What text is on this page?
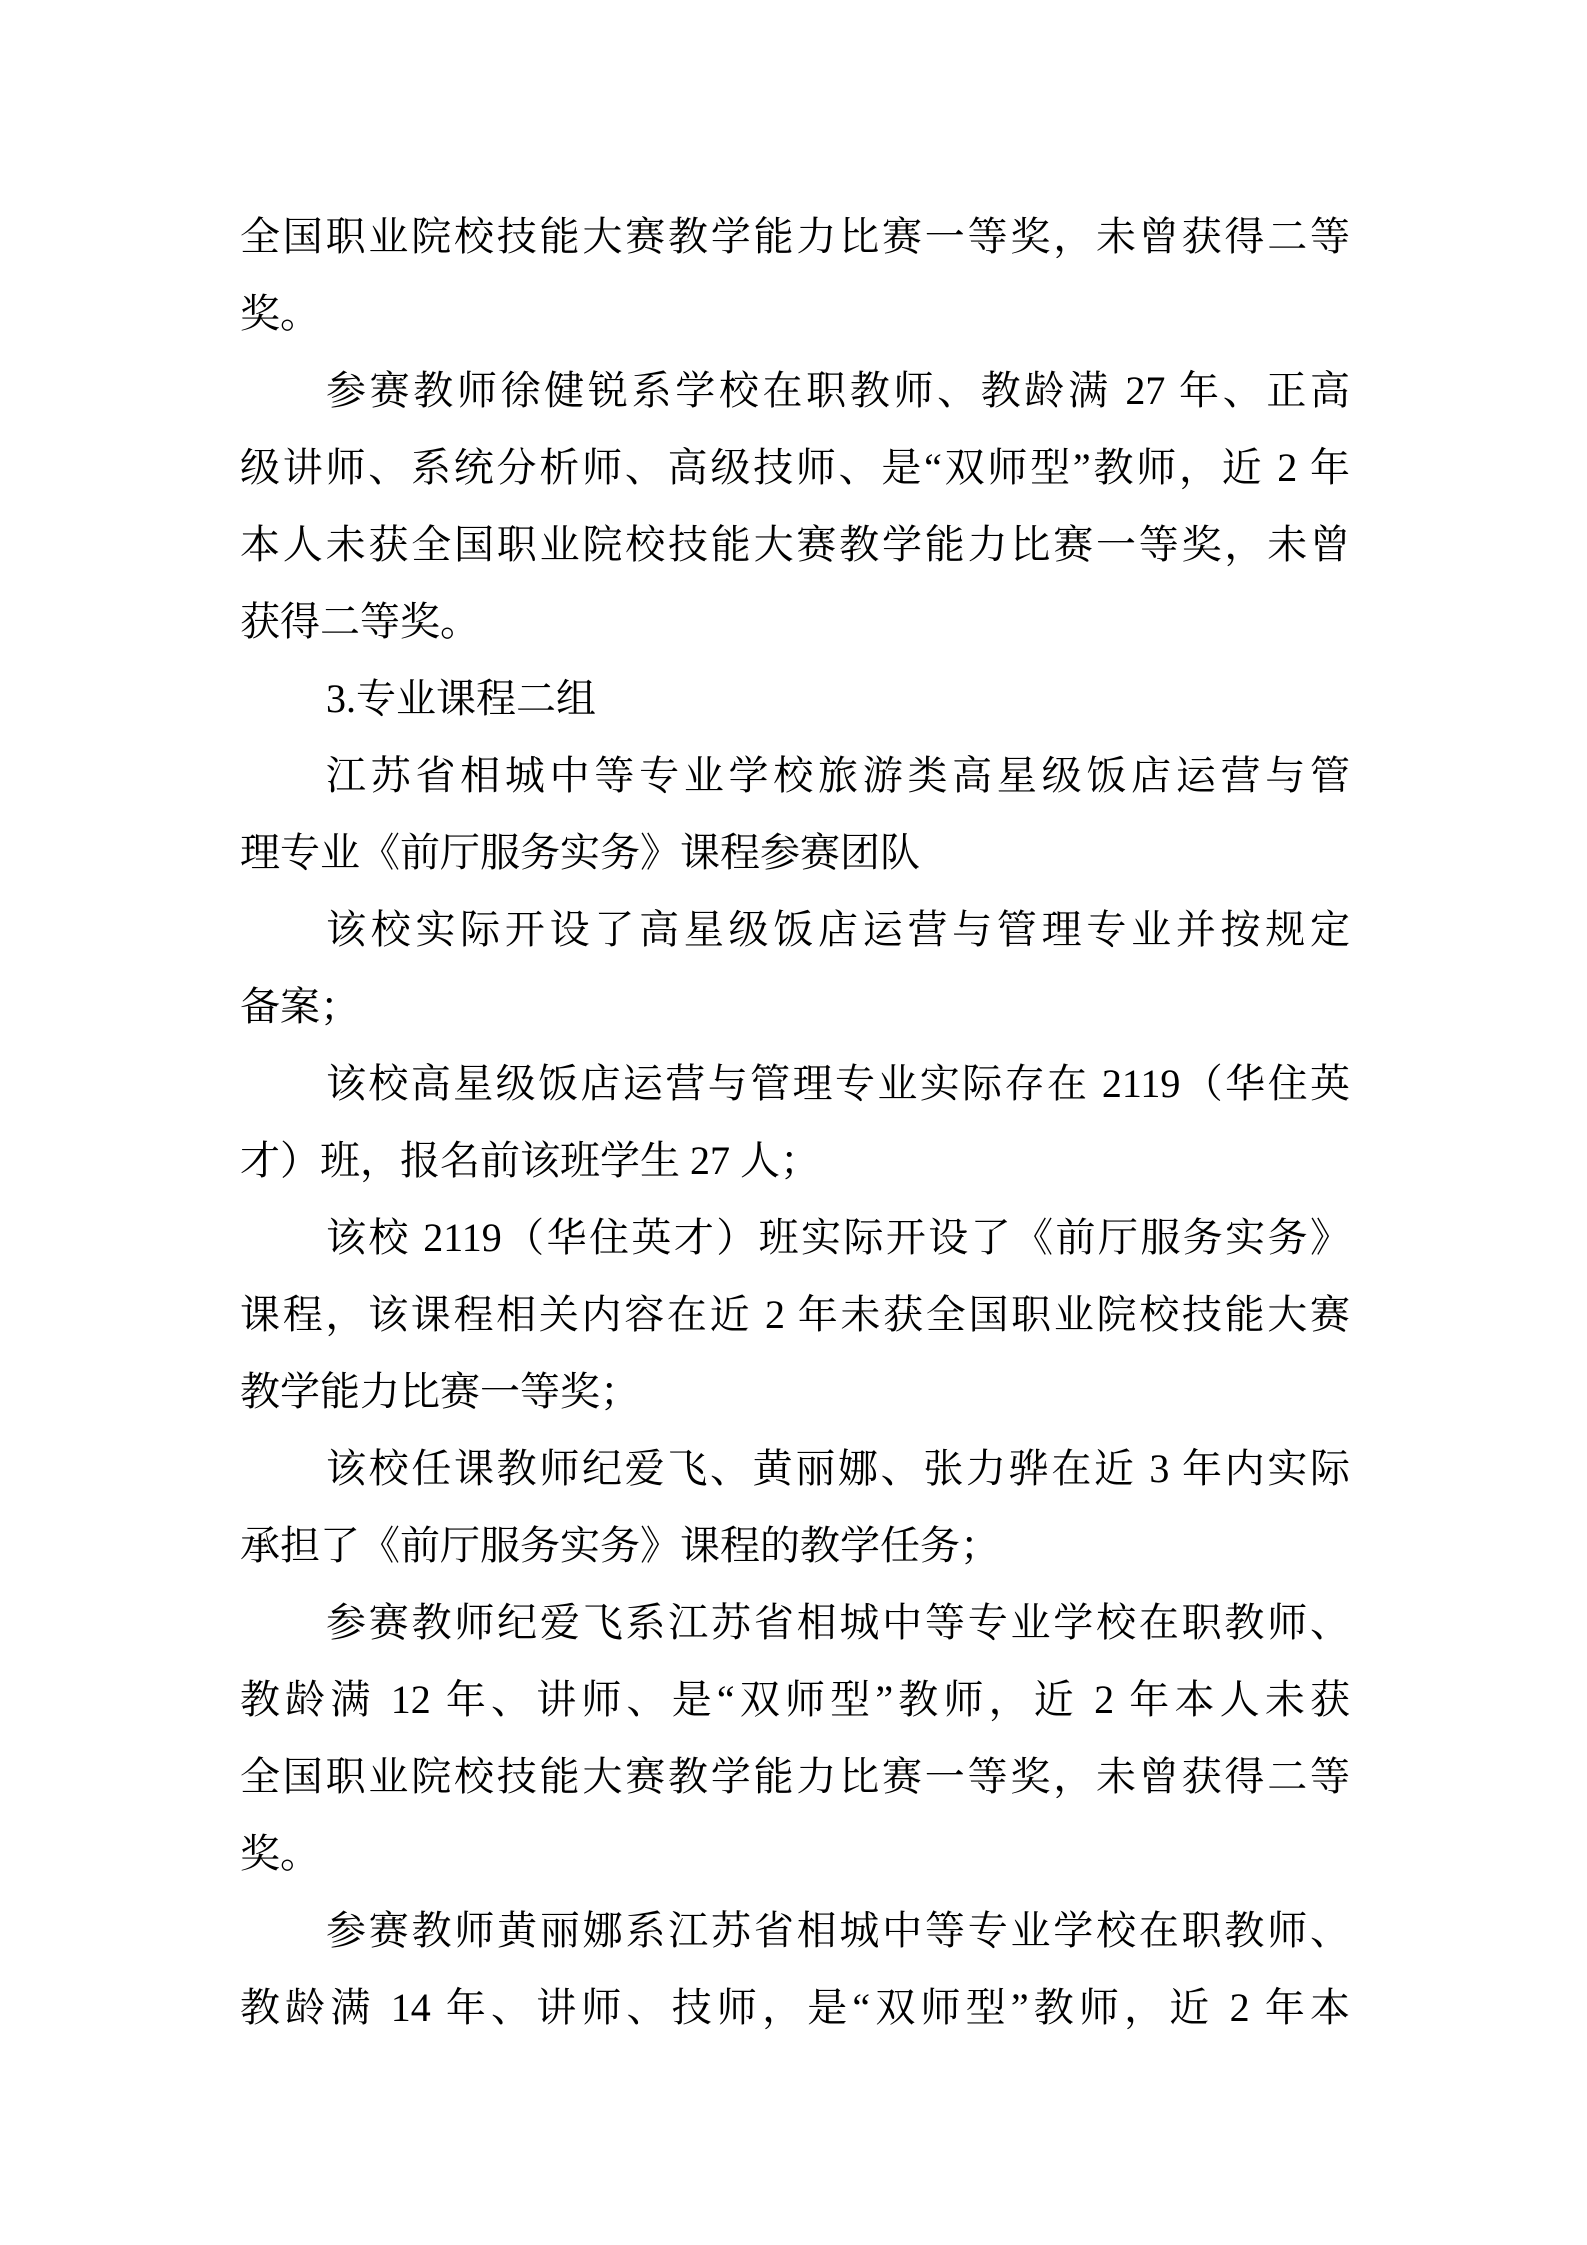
全国职业院校技能大赛教学能力比赛一等奖，未曾获得二等
奖。
参赛教师徐健锐系学校在职教师、教龄满 27 年、正高
级讲师、系统分析师、高级技师、是“双师型”教师，近 2 年
本人未获全国职业院校技能大赛教学能力比赛一等奖，未曾
获得二等奖。
3.专业课程二组
江苏省相城中等专业学校旅游类高星级饭店运营与管
理专业《前厅服务实务》课程参赛团队
该校实际开设了高星级饭店运营与管理专业并按规定
备案；
该校高星级饭店运营与管理专业实际存在 2119（华住英
才）班，报名前该班学生 27 人；
该校 2119（华住英才）班实际开设了《前厅服务实务》
课程，该课程相关内容在近 2 年未获全国职业院校技能大赛
教学能力比赛一等奖；
该校任课教师纪爱飞、黄丽娜、张力骅在近 3 年内实际
承担了《前厅服务实务》课程的教学任务；
参赛教师纪爱飞系江苏省相城中等专业学校在职教师、
教龄满 12 年、讲师、是“双师型”教师，近 2 年本人未获
全国职业院校技能大赛教学能力比赛一等奖，未曾获得二等
奖。
参赛教师黄丽娜系江苏省相城中等专业学校在职教师、
教龄满 14 年、讲师、技师，是“双师型”教师，近 2 年本
